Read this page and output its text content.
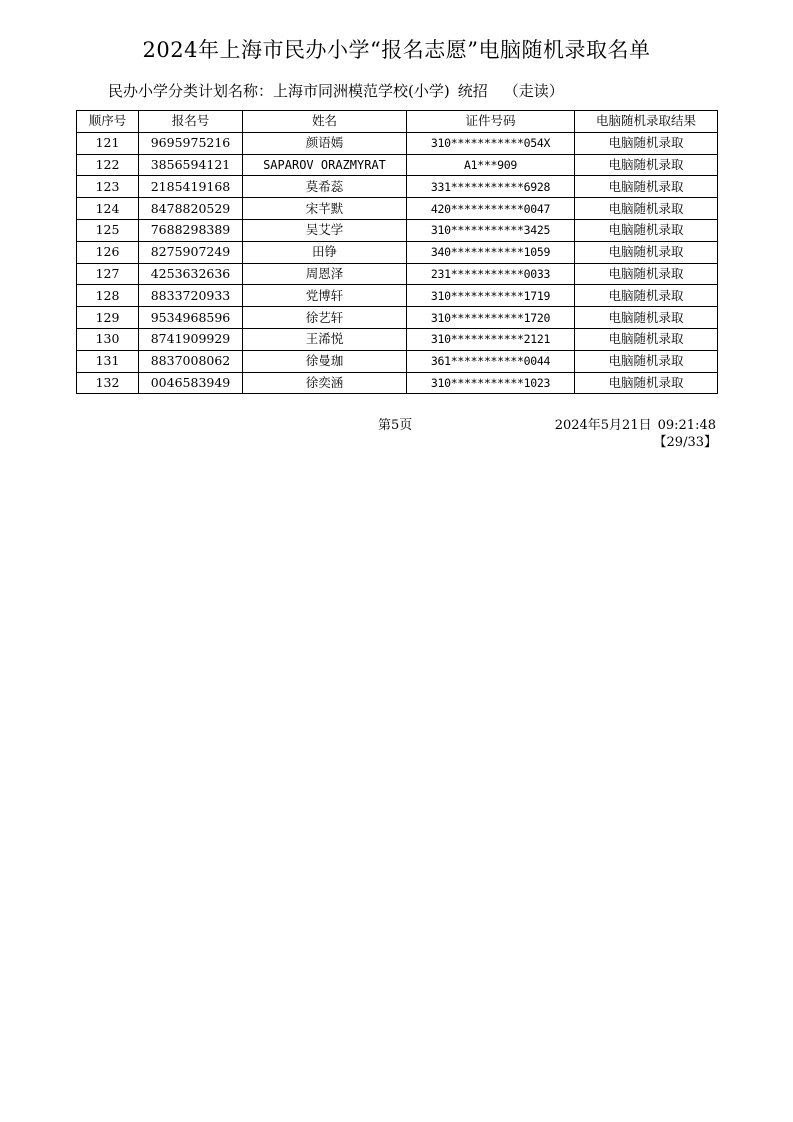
2024年上海市民办小学“报名志愿”电脑随机录取名单
民办小学分类计划名称：上海市同洲模范学校(小学) 统招 （走读）
顺序号	报名号	姓名	证件号码	电脑随机录取结果
121	9695975216	颜语嫣	310***********054X	电脑随机录取
122	3856594121	SAPAROV ORAZMYRAT	A1***909	电脑随机录取
123	2185419168	莫希蕊	331***********6928	电脑随机录取
124	8478820529	宋芊默	420***********0047	电脑随机录取
125	7688298389	吴艾学	310***********3425	电脑随机录取
126	8275907249	田铮	340***********1059	电脑随机录取
127	4253632636	周恩泽	231***********0033	电脑随机录取
128	8833720933	党博轩	310***********1719	电脑随机录取
129	9534968596	徐艺轩	310***********1720	电脑随机录取
130	8741909929	王浠悦	310***********2121	电脑随机录取
131	8837008062	徐曼珈	361***********0044	电脑随机录取
132	0046583949	徐奕涵	310***********1023	电脑随机录取
第5页	2024年5月21日 09:21:48
【29/33】
